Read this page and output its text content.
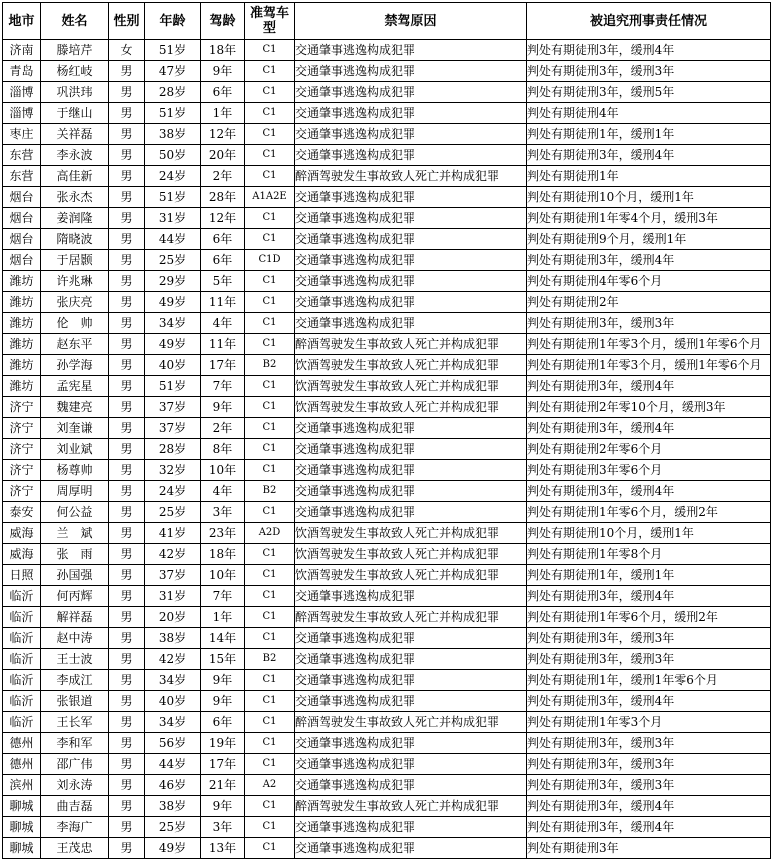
地市	姓名	性别	年龄	驾龄	准驾车型	禁驾原因	被追究刑事责任情况
济南	滕培芹	女	51岁	18年	C1	交通肇事逃逸构成犯罪	判处有期徒刑3年，缓刑4年
青岛	杨红岐	男	47岁	9年	C1	交通肇事逃逸构成犯罪	判处有期徒刑3年，缓刑3年
淄博	巩洪玮	男	28岁	6年	C1	交通肇事逃逸构成犯罪	判处有期徒刑3年，缓刑5年
淄博	于继山	男	51岁	1年	C1	交通肇事逃逸构成犯罪	判处有期徒刑4年
枣庄	关祥磊	男	38岁	12年	C1	交通肇事逃逸构成犯罪	判处有期徒刑1年，缓刑1年
东营	李永波	男	50岁	20年	C1	交通肇事逃逸构成犯罪	判处有期徒刑3年，缓刑4年
东营	高佳新	男	24岁	2年	C1	醉酒驾驶发生事故致人死亡并构成犯罪	判处有期徒刑1年
烟台	张永杰	男	51岁	28年	A1A2E	交通肇事逃逸构成犯罪	判处有期徒刑10个月，缓刑1年
烟台	姜润隆	男	31岁	12年	C1	交通肇事逃逸构成犯罪	判处有期徒刑1年零4个月，缓刑3年
烟台	隋晓波	男	44岁	6年	C1	交通肇事逃逸构成犯罪	判处有期徒刑9个月，缓刑1年
烟台	于居颢	男	25岁	6年	C1D	交通肇事逃逸构成犯罪	判处有期徒刑3年，缓刑4年
潍坊	许兆琳	男	29岁	5年	C1	交通肇事逃逸构成犯罪	判处有期徒刑4年零6个月
潍坊	张庆亮	男	49岁	11年	C1	交通肇事逃逸构成犯罪	判处有期徒刑2年
潍坊	伦　帅	男	34岁	4年	C1	交通肇事逃逸构成犯罪	判处有期徒刑3年，缓刑3年
潍坊	赵东平	男	49岁	11年	C1	醉酒驾驶发生事故致人死亡并构成犯罪	判处有期徒刑1年零3个月，缓刑1年零6个月
潍坊	孙学海	男	40岁	17年	B2	饮酒驾驶发生事故致人死亡并构成犯罪	判处有期徒刑1年零3个月，缓刑1年零6个月
潍坊	孟宪星	男	51岁	7年	C1	饮酒驾驶发生事故致人死亡并构成犯罪	判处有期徒刑3年，缓刑4年
济宁	魏建亮	男	37岁	9年	C1	饮酒驾驶发生事故致人死亡并构成犯罪	判处有期徒刑2年零10个月，缓刑3年
济宁	刘奎谦	男	37岁	2年	C1	交通肇事逃逸构成犯罪	判处有期徒刑3年，缓刑4年
济宁	刘业斌	男	28岁	8年	C1	交通肇事逃逸构成犯罪	判处有期徒刑2年零6个月
济宁	杨尊帅	男	32岁	10年	C1	交通肇事逃逸构成犯罪	判处有期徒刑3年零6个月
济宁	周厚明	男	24岁	4年	B2	交通肇事逃逸构成犯罪	判处有期徒刑3年，缓刑4年
泰安	何公益	男	25岁	3年	C1	交通肇事逃逸构成犯罪	判处有期徒刑1年零6个月，缓刑2年
威海	兰　斌	男	41岁	23年	A2D	饮酒驾驶发生事故致人死亡并构成犯罪	判处有期徒刑10个月，缓刑1年
威海	张　雨	男	42岁	18年	C1	饮酒驾驶发生事故致人死亡并构成犯罪	判处有期徒刑1年零8个月
日照	孙国强	男	37岁	10年	C1	饮酒驾驶发生事故致人死亡并构成犯罪	判处有期徒刑1年，缓刑1年
临沂	何丙辉	男	31岁	7年	C1	交通肇事逃逸构成犯罪	判处有期徒刑3年，缓刑4年
临沂	解祥磊	男	20岁	1年	C1	醉酒驾驶发生事故致人死亡并构成犯罪	判处有期徒刑1年零6个月，缓刑2年
临沂	赵中涛	男	38岁	14年	C1	交通肇事逃逸构成犯罪	判处有期徒刑3年，缓刑3年
临沂	王士波	男	42岁	15年	B2	交通肇事逃逸构成犯罪	判处有期徒刑3年，缓刑3年
临沂	李成江	男	34岁	9年	C1	交通肇事逃逸构成犯罪	判处有期徒刑1年，缓刑1年零6个月
临沂	张银道	男	40岁	9年	C1	交通肇事逃逸构成犯罪	判处有期徒刑3年，缓刑4年
临沂	王长军	男	34岁	6年	C1	醉酒驾驶发生事故致人死亡并构成犯罪	判处有期徒刑1年零3个月
德州	李和军	男	56岁	19年	C1	交通肇事逃逸构成犯罪	判处有期徒刑3年，缓刑3年
德州	邵广伟	男	44岁	17年	C1	交通肇事逃逸构成犯罪	判处有期徒刑3年，缓刑3年
滨州	刘永涛	男	46岁	21年	A2	交通肇事逃逸构成犯罪	判处有期徒刑3年，缓刑3年
聊城	曲吉磊	男	38岁	9年	C1	醉酒驾驶发生事故致人死亡并构成犯罪	判处有期徒刑3年，缓刑4年
聊城	李海广	男	25岁	3年	C1	交通肇事逃逸构成犯罪	判处有期徒刑3年，缓刑4年
聊城	王茂忠	男	49岁	13年	C1	交通肇事逃逸构成犯罪	判处有期徒刑3年
